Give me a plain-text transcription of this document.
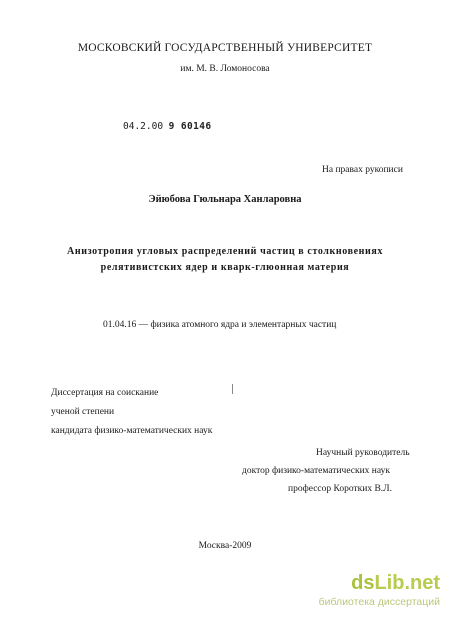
МОСКОВСКИЙ ГОСУДАРСТВЕННЫЙ УНИВЕРСИТЕТ
им. М. В. Ломоносова
04.2.00 9 60146
На правах рукописи
Эйюбова Гюльнара Ханларовна
Анизотропия угловых распределений частиц в столкновениях
релятивистских ядер и кварк-глюонная материя
01.04.16 — физика атомного ядра и элементарных частиц
Диссертация на соискание
ученой степени
кандидата физико-математических наук
Научный руководитель
доктор физико-математических наук
профессор Коротких В.Л.
Москва-2009
dsLib.net
библиотека диссертаций
